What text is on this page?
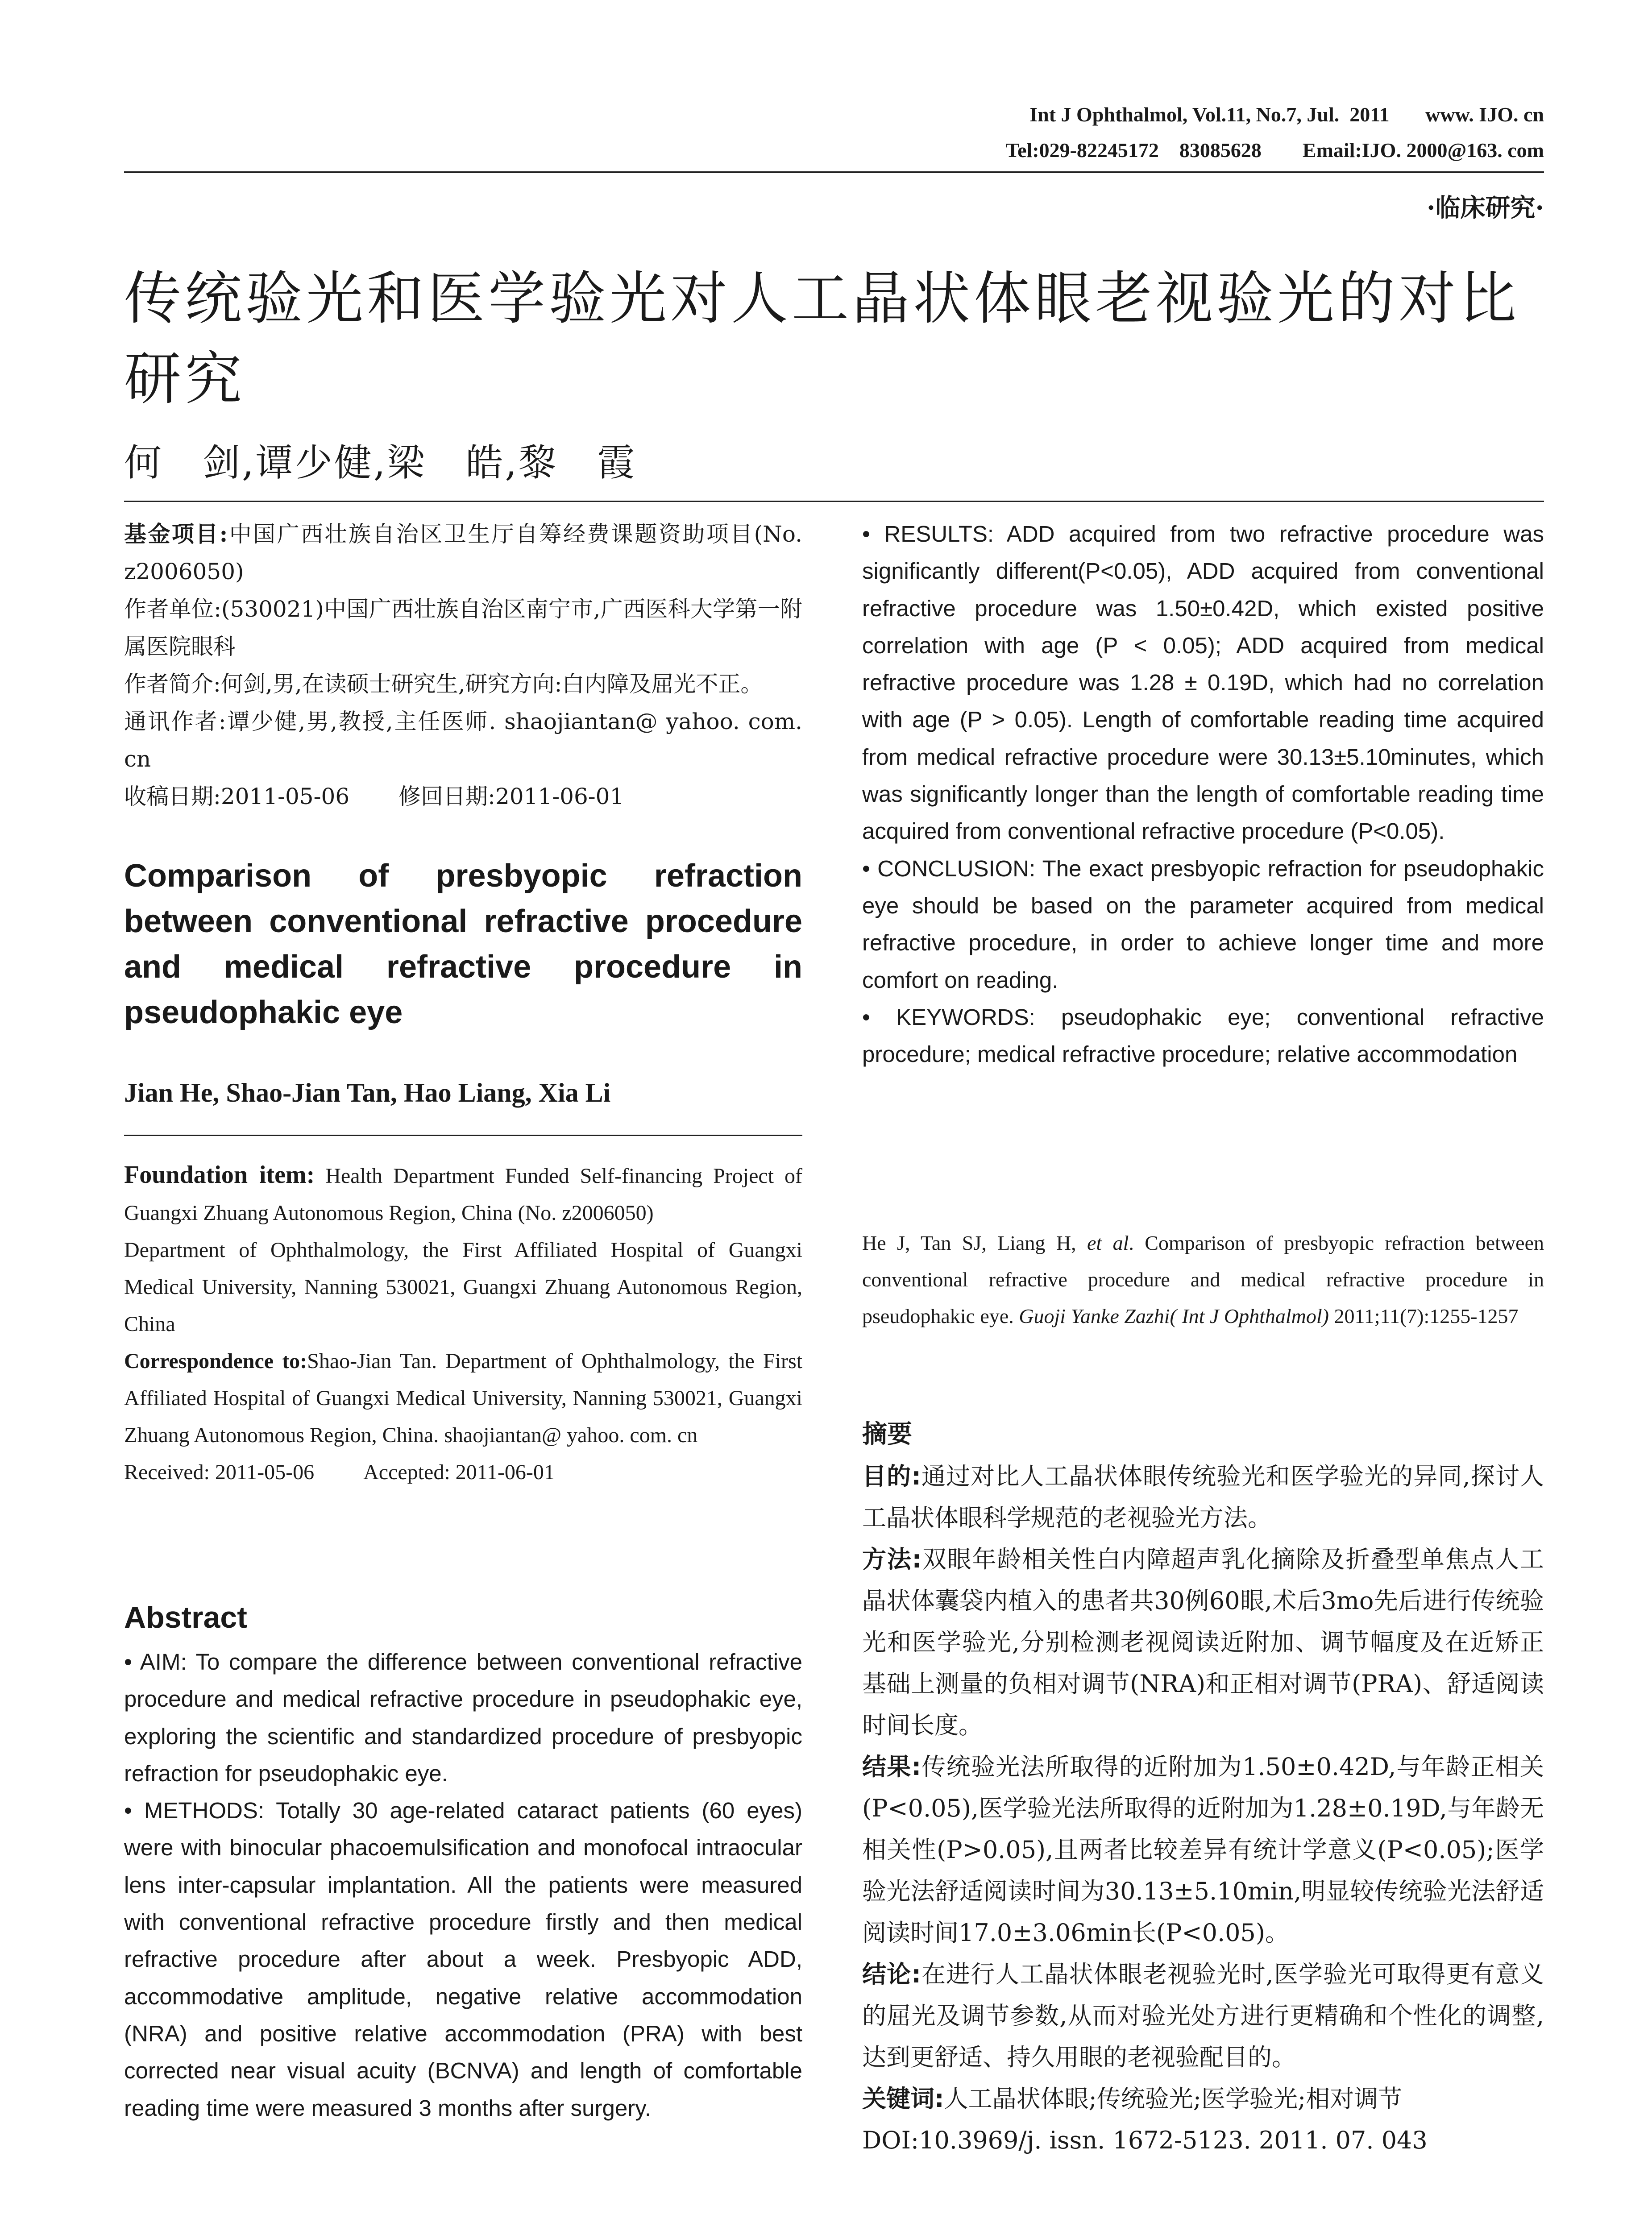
Int J Ophthalmol, Vol.11, No.7, Jul.  2011       www. IJO. cn
Tel:029-82245172    83085628        Email:IJO. 2000@163. com
·临床研究·
传统验光和医学验光对人工晶状体眼老视验光的对比研究
何　剑,谭少健,梁　皓,黎　霞

基金项目:中国广西壮族自治区卫生厅自筹经费课题资助项目(No. z2006050)

作者单位:(530021)中国广西壮族自治区南宁市,广西医科大学第一附属医院眼科

作者简介:何剑,男,在读硕士研究生,研究方向:白内障及屈光不正。

通讯作者:谭少健,男,教授,主任医师. shaojiantan@ yahoo. com. cn

收稿日期:2011-05-06 修回日期:2011-06-01

Comparison of presbyopic refraction between conventional refractive procedure and medical refractive procedure in pseudophakic eye
Jian He, Shao-Jian Tan, Hao Liang, Xia Li

Foundation item: Health Department Funded Self-financing Project of Guangxi Zhuang Autonomous Region, China (No. z2006050)

Department of Ophthalmology, the First Affiliated Hospital of Guangxi Medical University, Nanning 530021, Guangxi Zhuang Autonomous Region, China

Correspondence to:Shao-Jian Tan. Department of Ophthalmology, the First Affiliated Hospital of Guangxi Medical University, Nanning 530021, Guangxi Zhuang Autonomous Region, China. shaojiantan@ yahoo. com. cn

Received: 2011-05-06 Accepted: 2011-06-01

Abstract

• AIM: To compare the difference between conventional refractive procedure and medical refractive procedure in pseudophakic eye, exploring the scientific and standardized procedure of presbyopic refraction for pseudophakic eye.

• METHODS: Totally 30 age-related cataract patients (60 eyes) were with binocular phacoemulsification and monofocal intraocular lens inter-capsular implantation. All the patients were measured with conventional refractive procedure firstly and then medical refractive procedure after about a week. Presbyopic ADD, accommodative amplitude, negative relative accommodation (NRA) and positive relative accommodation (PRA) with best corrected near visual acuity (BCNVA) and length of comfortable reading time were measured 3 months after surgery.

• RESULTS: ADD acquired from two refractive procedure was significantly different(P<0.05), ADD acquired from conventional refractive procedure was 1.50±0.42D, which existed positive correlation with age (P < 0.05); ADD acquired from medical refractive procedure was 1.28 ± 0.19D, which had no correlation with age (P > 0.05). Length of comfortable reading time acquired from medical refractive procedure were 30.13±5.10minutes, which was significantly longer than the length of comfortable reading time acquired from conventional refractive procedure (P<0.05).

• CONCLUSION: The exact presbyopic refraction for pseudophakic eye should be based on the parameter acquired from medical refractive procedure, in order to achieve longer time and more comfort on reading.

• KEYWORDS: pseudophakic eye; conventional refractive procedure; medical refractive procedure; relative accommodation

He J, Tan SJ, Liang H, et al. Comparison of presbyopic refraction between conventional refractive procedure and medical refractive procedure in pseudophakic eye. Guoji Yanke Zazhi( Int J Ophthalmol) 2011;11(7):1255-1257
摘要

目的:通过对比人工晶状体眼传统验光和医学验光的异同,探讨人工晶状体眼科学规范的老视验光方法。

方法:双眼年龄相关性白内障超声乳化摘除及折叠型单焦点人工晶状体囊袋内植入的患者共30例60眼,术后3mo先后进行传统验光和医学验光,分别检测老视阅读近附加、调节幅度及在近矫正基础上测量的负相对调节(NRA)和正相对调节(PRA)、舒适阅读时间长度。

结果:传统验光法所取得的近附加为1.50±0.42D,与年龄正相关(P<0.05),医学验光法所取得的近附加为1.28±0.19D,与年龄无相关性(P>0.05),且两者比较差异有统计学意义(P<0.05);医学验光法舒适阅读时间为30.13±5.10min,明显较传统验光法舒适阅读时间17.0±3.06min长(P<0.05)。

结论:在进行人工晶状体眼老视验光时,医学验光可取得更有意义的屈光及调节参数,从而对验光处方进行更精确和个性化的调整,达到更舒适、持久用眼的老视验配目的。

关键词:人工晶状体眼;传统验光;医学验光;相对调节

DOI:10.3969/j. issn. 1672-5123. 2011. 07. 043
